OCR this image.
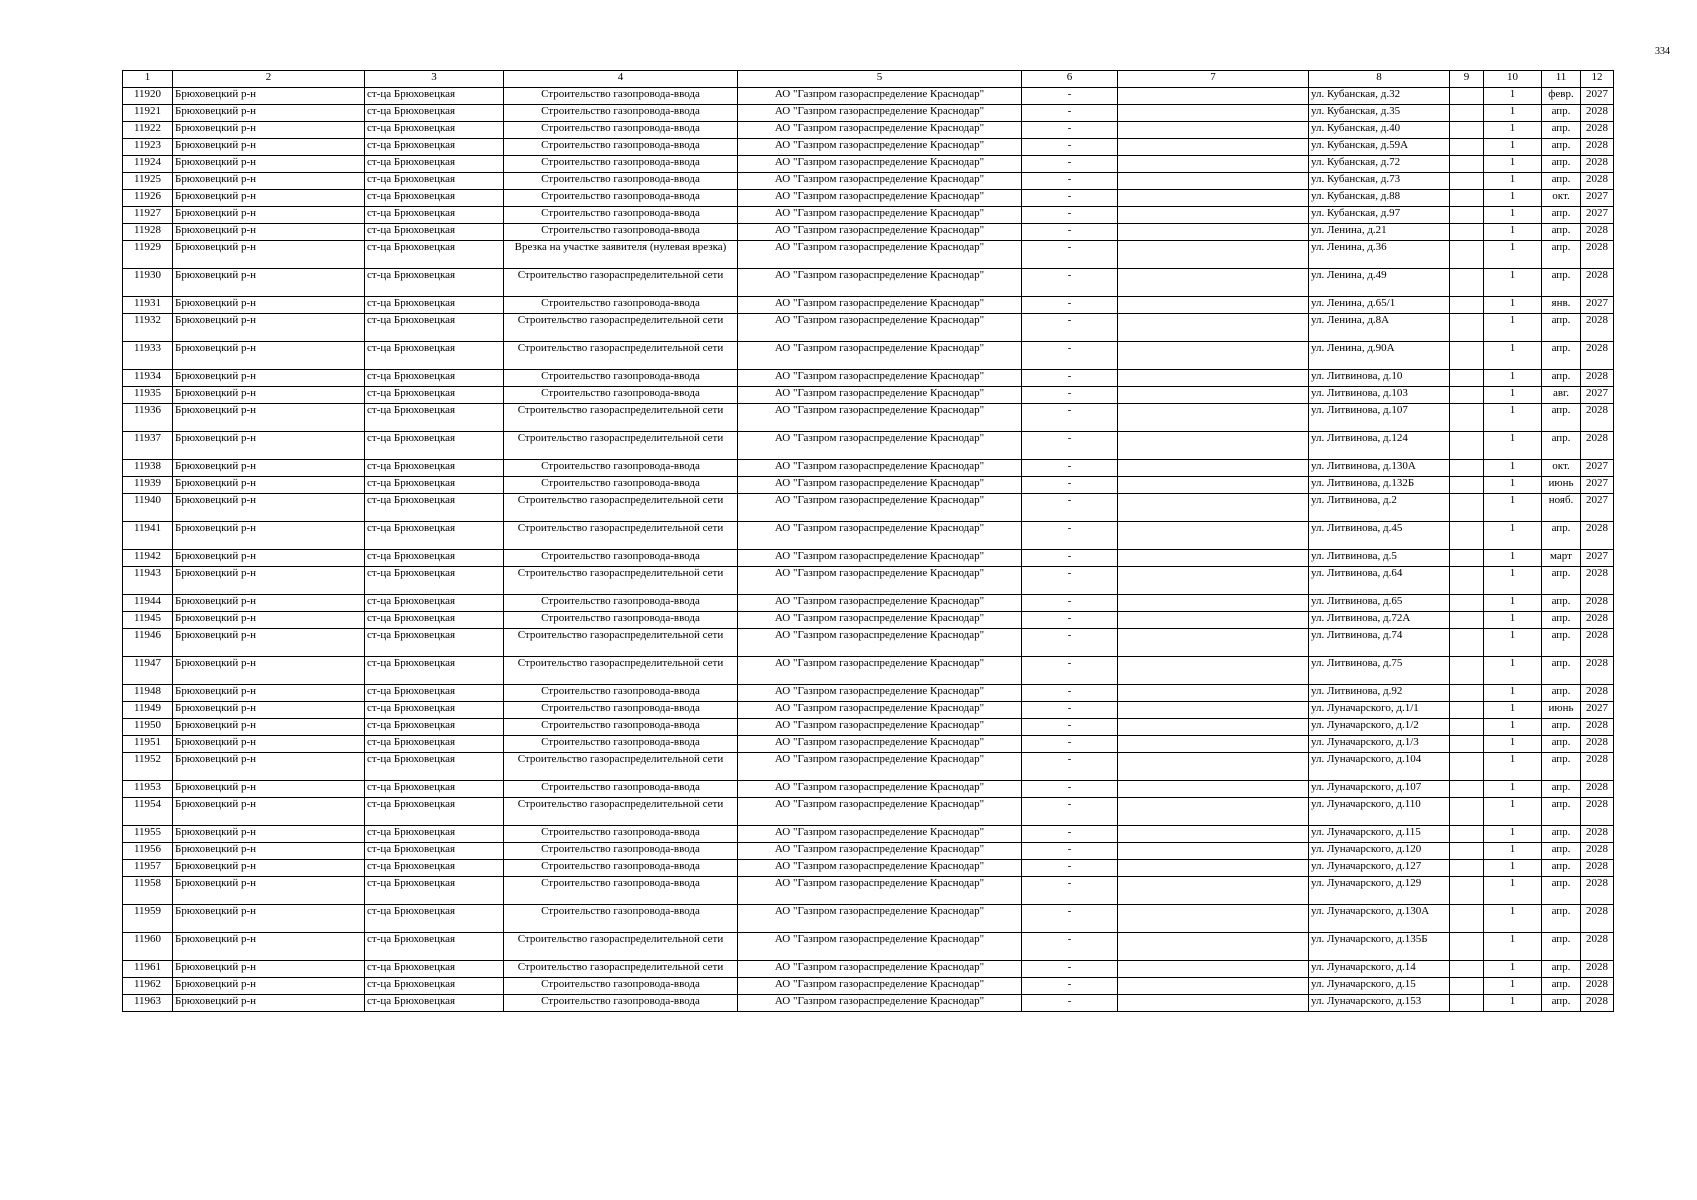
334
1	2	3	4	5	6	7	8	9	10	11	12
11920	Брюховецкий р-н	ст-ца Брюховецкая	Строительство газопровода-ввода	АО "Газпром газораспределение Краснодар"	-		ул. Кубанская, д.32		1	февр.	2027
11921	Брюховецкий р-н	ст-ца Брюховецкая	Строительство газопровода-ввода	АО "Газпром газораспределение Краснодар"	-		ул. Кубанская, д.35		1	апр.	2028
11922	Брюховецкий р-н	ст-ца Брюховецкая	Строительство газопровода-ввода	АО "Газпром газораспределение Краснодар"	-		ул. Кубанская, д.40		1	апр.	2028
11923	Брюховецкий р-н	ст-ца Брюховецкая	Строительство газопровода-ввода	АО "Газпром газораспределение Краснодар"	-		ул. Кубанская, д.59А		1	апр.	2028
11924	Брюховецкий р-н	ст-ца Брюховецкая	Строительство газопровода-ввода	АО "Газпром газораспределение Краснодар"	-		ул. Кубанская, д.72		1	апр.	2028
11925	Брюховецкий р-н	ст-ца Брюховецкая	Строительство газопровода-ввода	АО "Газпром газораспределение Краснодар"	-		ул. Кубанская, д.73		1	апр.	2028
11926	Брюховецкий р-н	ст-ца Брюховецкая	Строительство газопровода-ввода	АО "Газпром газораспределение Краснодар"	-		ул. Кубанская, д.88		1	окт.	2027
11927	Брюховецкий р-н	ст-ца Брюховецкая	Строительство газопровода-ввода	АО "Газпром газораспределение Краснодар"	-		ул. Кубанская, д.97		1	апр.	2027
11928	Брюховецкий р-н	ст-ца Брюховецкая	Строительство газопровода-ввода	АО "Газпром газораспределение Краснодар"	-		ул. Ленина, д.21		1	апр.	2028
11929	Брюховецкий р-н	ст-ца Брюховецкая	Врезка на участке заявителя (нулевая врезка)	АО "Газпром газораспределение Краснодар"	-		ул. Ленина, д.36		1	апр.	2028
11930	Брюховецкий р-н	ст-ца Брюховецкая	Строительство газораспределительной сети	АО "Газпром газораспределение Краснодар"	-		ул. Ленина, д.49		1	апр.	2028
11931	Брюховецкий р-н	ст-ца Брюховецкая	Строительство газопровода-ввода	АО "Газпром газораспределение Краснодар"	-		ул. Ленина, д.65/1		1	янв.	2027
11932	Брюховецкий р-н	ст-ца Брюховецкая	Строительство газораспределительной сети	АО "Газпром газораспределение Краснодар"	-		ул. Ленина, д.8А		1	апр.	2028
11933	Брюховецкий р-н	ст-ца Брюховецкая	Строительство газораспределительной сети	АО "Газпром газораспределение Краснодар"	-		ул. Ленина, д.90А		1	апр.	2028
11934	Брюховецкий р-н	ст-ца Брюховецкая	Строительство газопровода-ввода	АО "Газпром газораспределение Краснодар"	-		ул. Литвинова, д.10		1	апр.	2028
11935	Брюховецкий р-н	ст-ца Брюховецкая	Строительство газопровода-ввода	АО "Газпром газораспределение Краснодар"	-		ул. Литвинова, д.103		1	авг.	2027
11936	Брюховецкий р-н	ст-ца Брюховецкая	Строительство газораспределительной сети	АО "Газпром газораспределение Краснодар"	-		ул. Литвинова, д.107		1	апр.	2028
11937	Брюховецкий р-н	ст-ца Брюховецкая	Строительство газораспределительной сети	АО "Газпром газораспределение Краснодар"	-		ул. Литвинова, д.124		1	апр.	2028
11938	Брюховецкий р-н	ст-ца Брюховецкая	Строительство газопровода-ввода	АО "Газпром газораспределение Краснодар"	-		ул. Литвинова, д.130А		1	окт.	2027
11939	Брюховецкий р-н	ст-ца Брюховецкая	Строительство газопровода-ввода	АО "Газпром газораспределение Краснодар"	-		ул. Литвинова, д.132Б		1	июнь	2027
11940	Брюховецкий р-н	ст-ца Брюховецкая	Строительство газораспределительной сети	АО "Газпром газораспределение Краснодар"	-		ул. Литвинова, д.2		1	нояб.	2027
11941	Брюховецкий р-н	ст-ца Брюховецкая	Строительство газораспределительной сети	АО "Газпром газораспределение Краснодар"	-		ул. Литвинова, д.45		1	апр.	2028
11942	Брюховецкий р-н	ст-ца Брюховецкая	Строительство газопровода-ввода	АО "Газпром газораспределение Краснодар"	-		ул. Литвинова, д.5		1	март	2027
11943	Брюховецкий р-н	ст-ца Брюховецкая	Строительство газораспределительной сети	АО "Газпром газораспределение Краснодар"	-		ул. Литвинова, д.64		1	апр.	2028
11944	Брюховецкий р-н	ст-ца Брюховецкая	Строительство газопровода-ввода	АО "Газпром газораспределение Краснодар"	-		ул. Литвинова, д.65		1	апр.	2028
11945	Брюховецкий р-н	ст-ца Брюховецкая	Строительство газопровода-ввода	АО "Газпром газораспределение Краснодар"	-		ул. Литвинова, д.72А		1	апр.	2028
11946	Брюховецкий р-н	ст-ца Брюховецкая	Строительство газораспределительной сети	АО "Газпром газораспределение Краснодар"	-		ул. Литвинова, д.74		1	апр.	2028
11947	Брюховецкий р-н	ст-ца Брюховецкая	Строительство газораспределительной сети	АО "Газпром газораспределение Краснодар"	-		ул. Литвинова, д.75		1	апр.	2028
11948	Брюховецкий р-н	ст-ца Брюховецкая	Строительство газопровода-ввода	АО "Газпром газораспределение Краснодар"	-		ул. Литвинова, д.92		1	апр.	2028
11949	Брюховецкий р-н	ст-ца Брюховецкая	Строительство газопровода-ввода	АО "Газпром газораспределение Краснодар"	-		ул. Луначарского, д.1/1		1	июнь	2027
11950	Брюховецкий р-н	ст-ца Брюховецкая	Строительство газопровода-ввода	АО "Газпром газораспределение Краснодар"	-		ул. Луначарского, д.1/2		1	апр.	2028
11951	Брюховецкий р-н	ст-ца Брюховецкая	Строительство газопровода-ввода	АО "Газпром газораспределение Краснодар"	-		ул. Луначарского, д.1/3		1	апр.	2028
11952	Брюховецкий р-н	ст-ца Брюховецкая	Строительство газораспределительной сети	АО "Газпром газораспределение Краснодар"	-		ул. Луначарского, д.104		1	апр.	2028
11953	Брюховецкий р-н	ст-ца Брюховецкая	Строительство газопровода-ввода	АО "Газпром газораспределение Краснодар"	-		ул. Луначарского, д.107		1	апр.	2028
11954	Брюховецкий р-н	ст-ца Брюховецкая	Строительство газораспределительной сети	АО "Газпром газораспределение Краснодар"	-		ул. Луначарского, д.110		1	апр.	2028
11955	Брюховецкий р-н	ст-ца Брюховецкая	Строительство газопровода-ввода	АО "Газпром газораспределение Краснодар"	-		ул. Луначарского, д.115		1	апр.	2028
11956	Брюховецкий р-н	ст-ца Брюховецкая	Строительство газопровода-ввода	АО "Газпром газораспределение Краснодар"	-		ул. Луначарского, д.120		1	апр.	2028
11957	Брюховецкий р-н	ст-ца Брюховецкая	Строительство газопровода-ввода	АО "Газпром газораспределение Краснодар"	-		ул. Луначарского, д.127		1	апр.	2028
11958	Брюховецкий р-н	ст-ца Брюховецкая	Строительство газопровода-ввода	АО "Газпром газораспределение Краснодар"	-		ул. Луначарского, д.129		1	апр.	2028
11959	Брюховецкий р-н	ст-ца Брюховецкая	Строительство газопровода-ввода	АО "Газпром газораспределение Краснодар"	-		ул. Луначарского, д.130А		1	апр.	2028
11960	Брюховецкий р-н	ст-ца Брюховецкая	Строительство газораспределительной сети	АО "Газпром газораспределение Краснодар"	-		ул. Луначарского, д.135Б		1	апр.	2028
11961	Брюховецкий р-н	ст-ца Брюховецкая	Строительство газораспределительной сети	АО "Газпром газораспределение Краснодар"	-		ул. Луначарского, д.14		1	апр.	2028
11962	Брюховецкий р-н	ст-ца Брюховецкая	Строительство газопровода-ввода	АО "Газпром газораспределение Краснодар"	-		ул. Луначарского, д.15		1	апр.	2028
11963	Брюховецкий р-н	ст-ца Брюховецкая	Строительство газопровода-ввода	АО "Газпром газораспределение Краснодар"	-		ул. Луначарского, д.153		1	апр.	2028
